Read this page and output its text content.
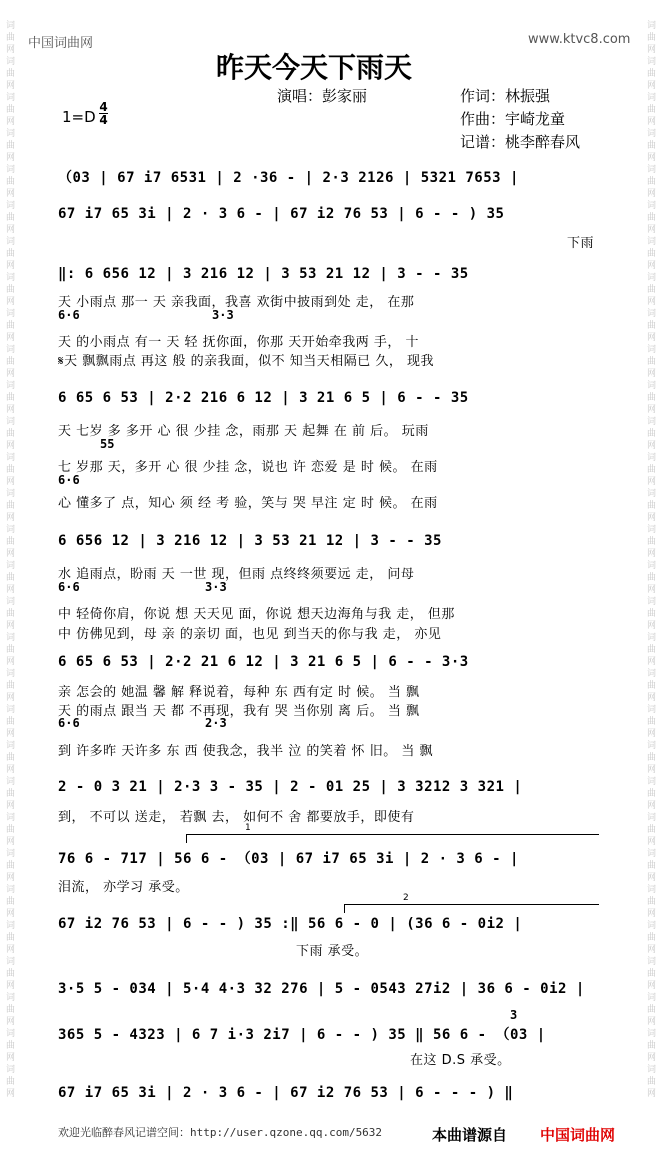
词曲网词曲网词曲网词曲网词曲网词曲网词曲网词曲网词曲网词曲网词曲网词曲网词曲网词曲网词曲网词曲网词曲网词曲网词曲网词曲网词曲网词曲网词曲网词曲网词曲网词曲网词曲网词曲网词曲网词曲网
词曲网词曲网词曲网词曲网词曲网词曲网词曲网词曲网词曲网词曲网词曲网词曲网词曲网词曲网词曲网词曲网词曲网词曲网词曲网词曲网词曲网词曲网词曲网词曲网词曲网词曲网词曲网词曲网词曲网词曲网
中国词曲网	www.ktvc8.com
昨天今天下雨天
演唱：彭家丽
1=D
4
4
作词：林振强
作曲：宇崎龙童
记谱：桃李醉春风
（03 | 67 i7 6531 | 2 ·36 - | 2·3 2126 | 5321 7653 |
67 i7 65 3i | 2 · 3 6 - | 67 i2 76 53 | 6 - - ) 35
下雨
‖: 6 656 12 | 3 216 12 | 3 53 21 12 | 3 - - 35
天 小雨点 那一 天 亲我面，我喜 欢街中披雨到处 走， 在那
6·6	3·3
天 的小雨点 有一 天 轻 抚你面，你那 天开始牵我两 手， 十
𝄋天 飘飘雨点 再这 般 的亲我面，似不 知当天相隔已 久， 现我
6 65 6 53 | 2·2 216 6 12 | 3 21 6 5 | 6 - - 35
天 七岁 多 多开 心 很 少挂 念，雨那 天 起舞 在 前 后。 玩雨
55
七 岁那 天，多开 心 很 少挂 念，说也 许 恋爱 是 时 候。 在雨
6·6
心 懂多了 点，知心 须 经 考 验，笑与 哭 早注 定 时 候。 在雨
6 656 12 | 3 216 12 | 3 53 21 12 | 3 - - 35
水 追雨点，盼雨 天 一世 现，但雨 点终终须要远 走， 问母
6·6	3·3
中 轻倚你肩，你说 想 天天见 面，你说 想天边海角与我 走， 但那
中 仿佛见到，母 亲 的亲切 面，也见 到当天的你与我 走， 亦见
6 65 6 53 | 2·2 21 6 12 | 3 21 6 5 | 6 - - 3·3
亲 怎会的 她温 馨 解 释说着，每种 东 西有定 时 候。 当 飘
天 的雨点 跟当 天 都 不再现，我有 哭 当你别 离 后。 当 飘
6·6	2·3
到 许多昨 天许多 东 西 使我念，我半 泣 的笑着 怀 旧。 当 飘
2 - 0 3 21 | 2·3 3 - 35 | 2 - 01 25 | 3 3212 3 321 |
到， 不可以 送走， 若飘 去， 如何不 舍 都要放手，即使有
1
76 6 - 717 | 56 6 - （03 | 67 i7 65 3i | 2 · 3 6 - |
泪流， 亦学习 承受。
2
67 i2 76 53 | 6 - - ) 35 :‖ 56 6 - 0 | (36 6 - 0i2 |
下雨 承受。
3·5 5 - 034 | 5·4 4·3 32 276 | 5 - 0543 27i2 | 36 6 - 0i2 |
3
365 5 - 4323 | 6 7 i·3 2i7 | 6 - - ) 35 ‖ 56 6 - （03 |
在这 D.S 承受。
67 i7 65 3i | 2 · 3 6 - | 67 i2 76 53 | 6 - - - ) ‖
欢迎光临醉春风记谱空间：http://user.qzone.qq.com/5632	本曲谱源自 中国词曲网
